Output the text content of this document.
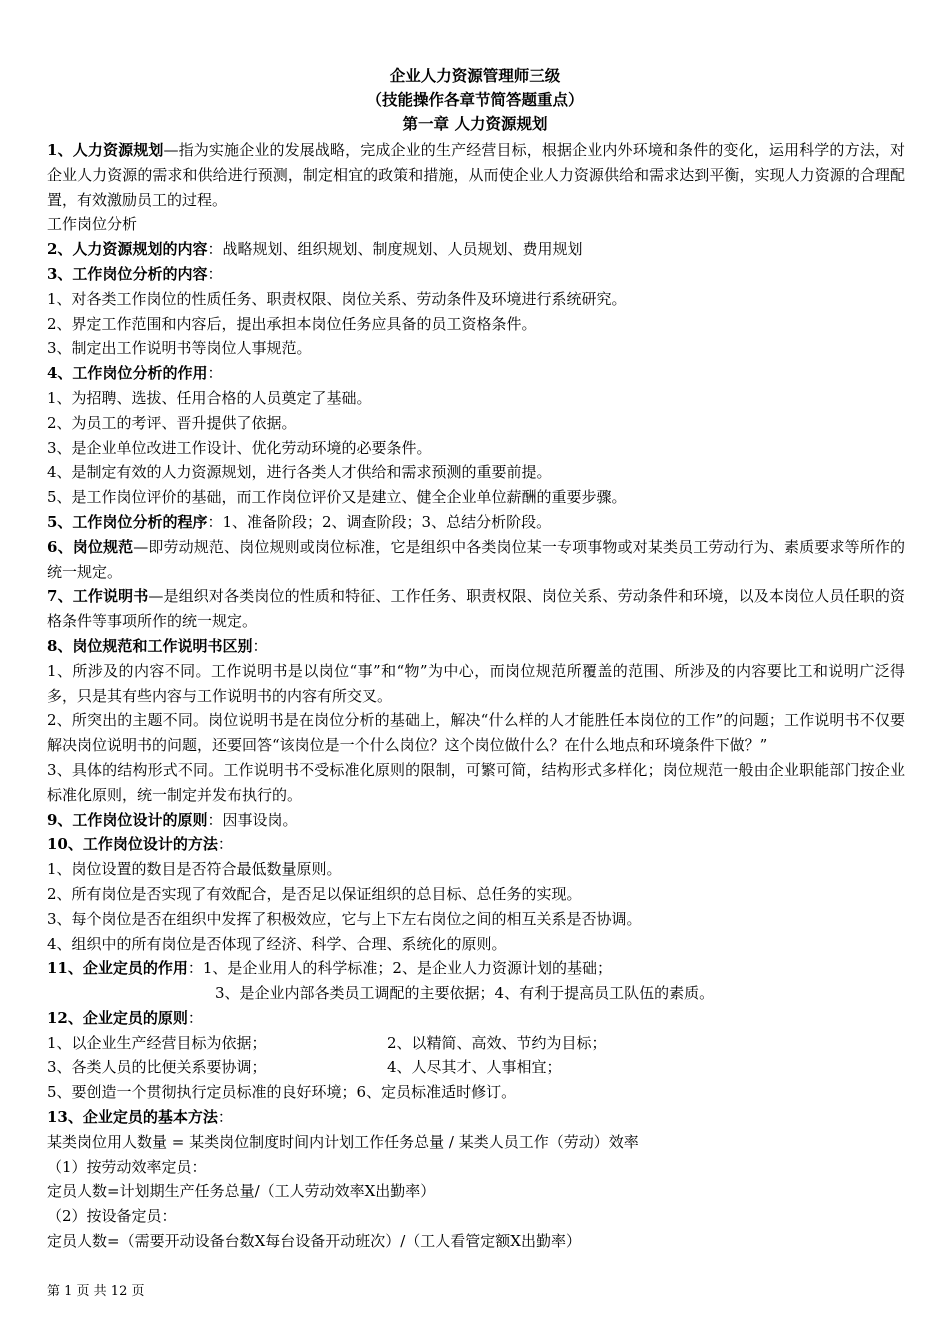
企业人力资源管理师三级
（技能操作各章节简答题重点）
第一章 人力资源规划
1、人力资源规划—指为实施企业的发展战略，完成企业的生产经营目标，根据企业内外环境和条件的变化，运用科学的方法，对企业人力资源的需求和供给进行预测，制定相宜的政策和措施，从而使企业人力资源供给和需求达到平衡，实现人力资源的合理配置，有效激励员工的过程。
工作岗位分析
2、人力资源规划的内容：战略规划、组织规划、制度规划、人员规划、费用规划
3、工作岗位分析的内容：
1、对各类工作岗位的性质任务、职责权限、岗位关系、劳动条件及环境进行系统研究。
2、界定工作范围和内容后，提出承担本岗位任务应具备的员工资格条件。
3、制定出工作说明书等岗位人事规范。
4、工作岗位分析的作用：
1、为招聘、选拔、任用合格的人员奠定了基础。
2、为员工的考评、晋升提供了依据。
3、是企业单位改进工作设计、优化劳动环境的必要条件。
4、是制定有效的人力资源规划，进行各类人才供给和需求预测的重要前提。
5、是工作岗位评价的基础，而工作岗位评价又是建立、健全企业单位薪酬的重要步骤。
5、工作岗位分析的程序：1、准备阶段；2、调查阶段；3、总结分析阶段。
6、岗位规范—即劳动规范、岗位规则或岗位标准，它是组织中各类岗位某一专项事物或对某类员工劳动行为、素质要求等所作的统一规定。
7、工作说明书—是组织对各类岗位的性质和特征、工作任务、职责权限、岗位关系、劳动条件和环境，以及本岗位人员任职的资格条件等事项所作的统一规定。
8、岗位规范和工作说明书区别：
1、所涉及的内容不同。工作说明书是以岗位“事”和“物”为中心，而岗位规范所覆盖的范围、所涉及的内容要比工和说明广泛得多，只是其有些内容与工作说明书的内容有所交叉。
2、所突出的主题不同。岗位说明书是在岗位分析的基础上，解决“什么样的人才能胜任本岗位的工作”的问题；工作说明书不仅要解决岗位说明书的问题，还要回答“该岗位是一个什么岗位？这个岗位做什么？在什么地点和环境条件下做？”
3、具体的结构形式不同。工作说明书不受标准化原则的限制，可繁可简，结构形式多样化；岗位规范一般由企业职能部门按企业标准化原则，统一制定并发布执行的。
9、工作岗位设计的原则：因事设岗。
10、工作岗位设计的方法：
1、岗位设置的数目是否符合最低数量原则。
2、所有岗位是否实现了有效配合，是否足以保证组织的总目标、总任务的实现。
3、每个岗位是否在组织中发挥了积极效应，它与上下左右岗位之间的相互关系是否协调。
4、组织中的所有岗位是否体现了经济、科学、合理、系统化的原则。
11、企业定员的作用：1、是企业用人的科学标准；2、是企业人力资源计划的基础；
3、是企业内部各类员工调配的主要依据；4、有利于提高员工队伍的素质。
12、企业定员的原则：
1、以企业生产经营目标为依据；	2、以精简、高效、节约为目标；
3、各类人员的比便关系要协调；	4、人尽其才、人事相宜；
5、要创造一个贯彻执行定员标准的良好环境；6、定员标准适时修订。
13、企业定员的基本方法：
某类岗位用人数量 = 某类岗位制度时间内计划工作任务总量 / 某类人员工作（劳动）效率
（1）按劳动效率定员：
定员人数=计划期生产任务总量/（工人劳动效率X出勤率）
（2）按设备定员：
定员人数=（需要开动设备台数X每台设备开动班次）/（工人看管定额X出勤率）
第 1 页 共 12 页
